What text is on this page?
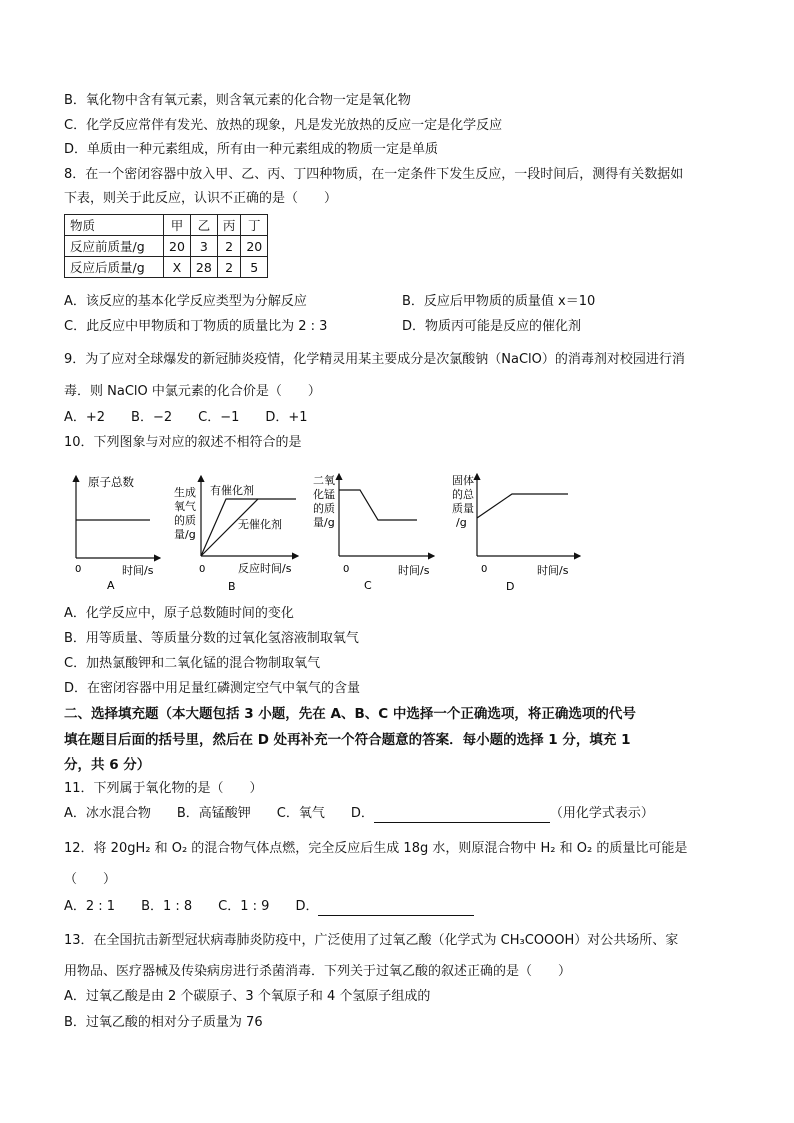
B．氧化物中含有氧元素，则含氧元素的化合物一定是氧化物
C．化学反应常伴有发光、放热的现象，凡是发光放热的反应一定是化学反应
D．单质由一种元素组成，所有由一种元素组成的物质一定是单质
8．在一个密闭容器中放入甲、乙、丙、丁四种物质，在一定条件下发生反应，一段时间后，测得有关数据如
下表，则关于此反应，认识不正确的是（　　）
物质	甲	乙	丙	丁
反应前质量/g	20	3	2	20
反应后质量/g	X	28	2	5
A．该反应的基本化学反应类型为分解反应	B．反应后甲物质的质量值 x＝10
C．此反应中甲物质和丁物质的质量比为 2 : 3	D．物质丙可能是反应的催化剂
9．为了应对全球爆发的新冠肺炎疫情，化学精灵用某主要成分是次氯酸钠（NaClO）的消毒剂对校园进行消
毒．则 NaClO 中氯元素的化合价是（　　）
A．+2　　B．−2　　C．−1　　D．+1
10．下列图象与对应的叙述不相符合的是
原子总数
0	时间/s
A
生成
氧气
的质
量/g
有催化剂
无催化剂
0	反应时间/s
B
二氧
化锰
的质
量/g
0	时间/s
C
固体
的总
质量
/g
0	时间/s
D
A．化学反应中，原子总数随时间的变化
B．用等质量、等质量分数的过氧化氢溶液制取氧气
C．加热氯酸钾和二氧化锰的混合物制取氧气
D．在密闭容器中用足量红磷测定空气中氧气的含量
二、选择填充题（本大题包括 3 小题，先在 A、B、C 中选择一个正确选项，将正确选项的代号
填在题目后面的括号里，然后在 D 处再补充一个符合题意的答案．每小题的选择 1 分，填充 1
分，共 6 分）
11．下列属于氧化物的是（　　）
A．冰水混合物　　B．高锰酸钾　　C．氧气　　D．	（用化学式表示）
12．将 20gH₂ 和 O₂ 的混合物气体点燃，完全反应后生成 18g 水，则原混合物中 H₂ 和 O₂ 的质量比可能是
（　　）
A．2 : 1　　B．1 : 8　　C．1 : 9　　D．
13．在全国抗击新型冠状病毒肺炎防疫中，广泛使用了过氧乙酸（化学式为 CH₃COOOH）对公共场所、家
用物品、医疗器械及传染病房进行杀菌消毒．下列关于过氧乙酸的叙述正确的是（　　）
A．过氧乙酸是由 2 个碳原子、3 个氧原子和 4 个氢原子组成的
B．过氧乙酸的相对分子质量为 76
